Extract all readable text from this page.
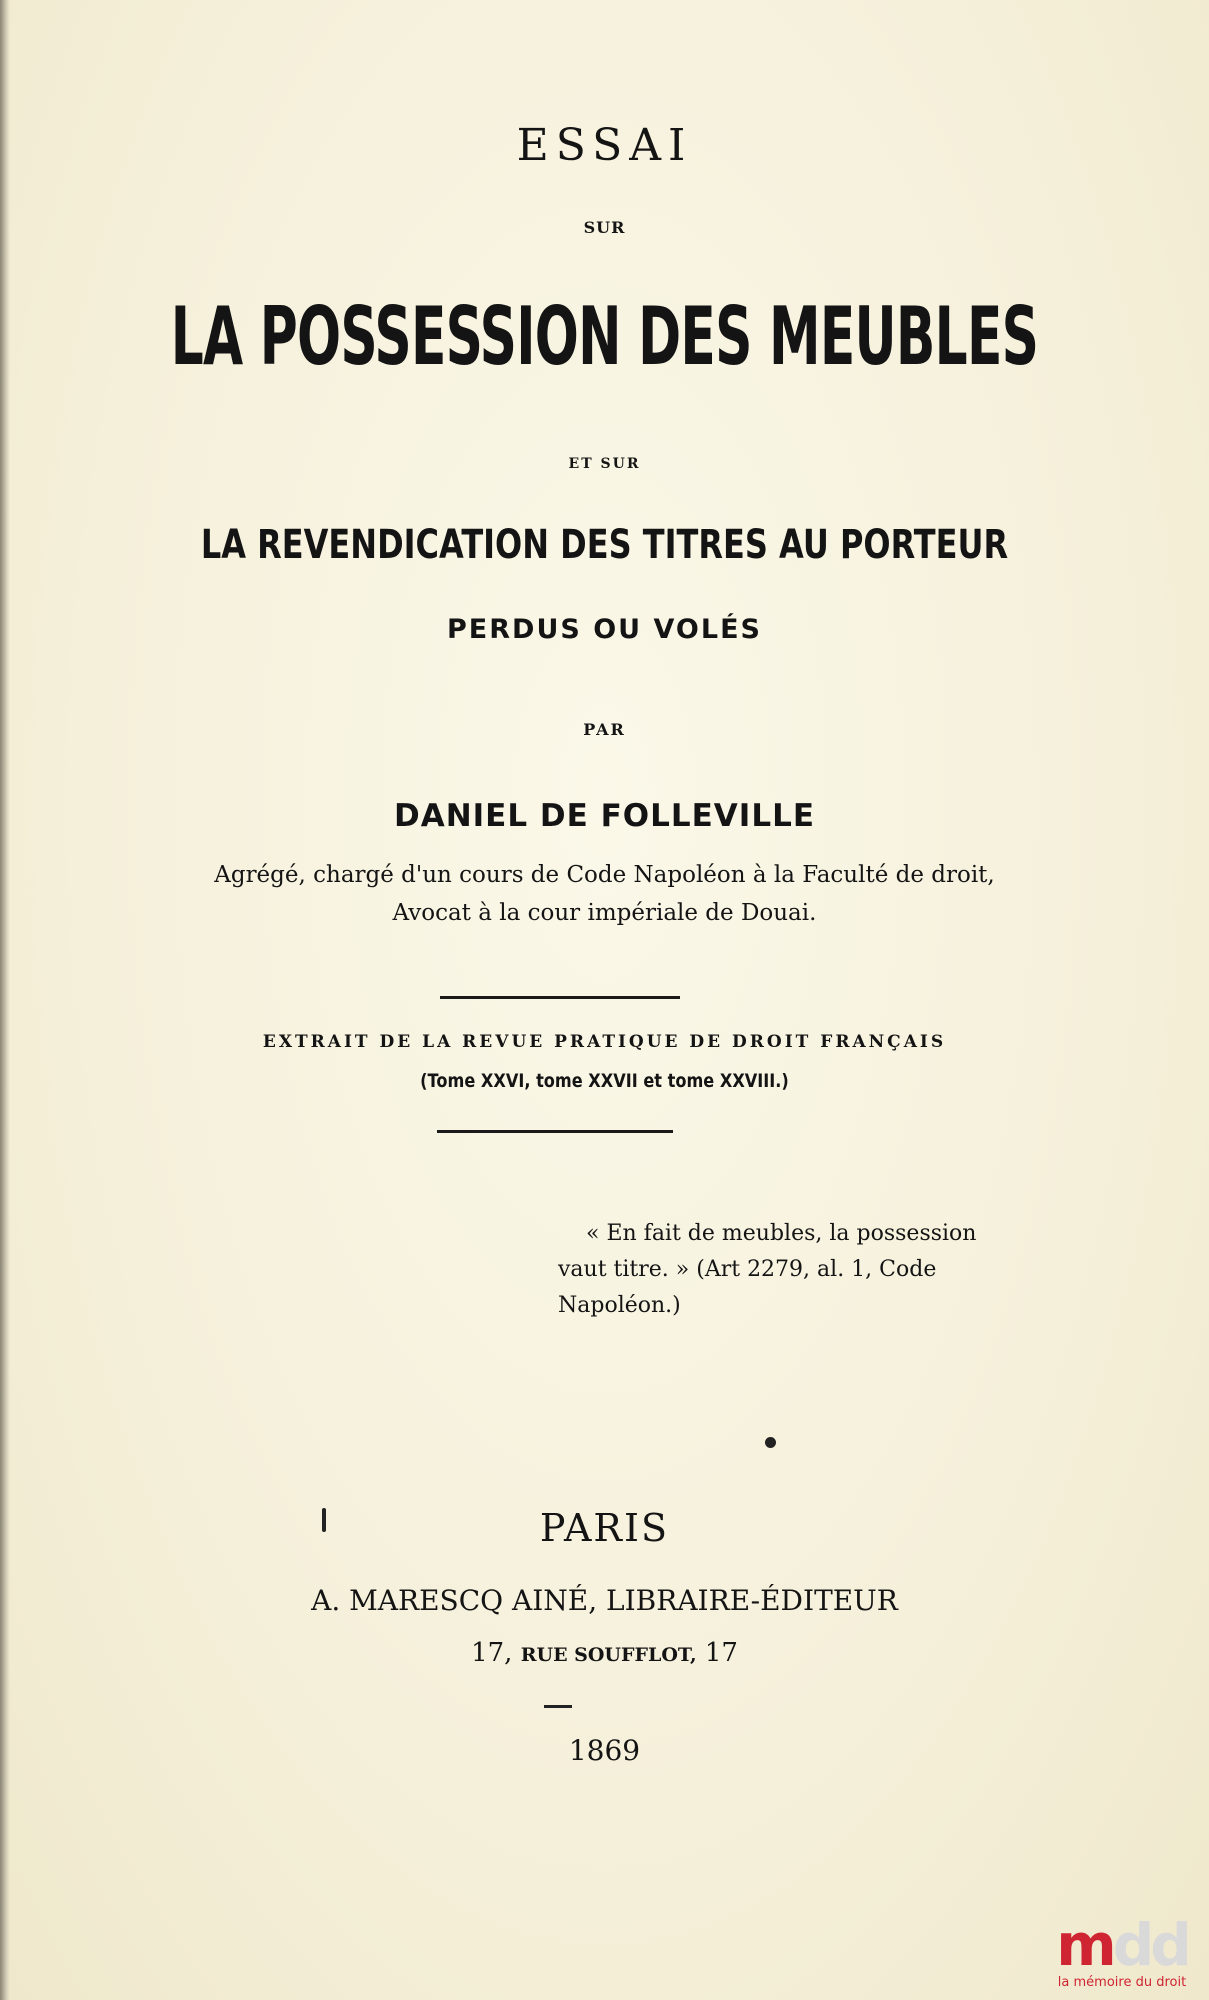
ESSAI
SUR
LA POSSESSION DES MEUBLES
ET SUR
LA REVENDICATION DES TITRES AU PORTEUR
PERDUS OU VOLÉS
PAR
DANIEL DE FOLLEVILLE
Agrégé, chargé d'un cours de Code Napoléon à la Faculté de droit,
Avocat à la cour impériale de Douai.
EXTRAIT DE LA REVUE PRATIQUE DE DROIT FRANÇAIS
(Tome XXVI, tome XXVII et tome XXVIII.)
« En fait de meubles, la possession
vaut titre. » (Art 2279, al. 1, Code
Napoléon.)
PARIS
A. MARESCQ AINÉ, LIBRAIRE-ÉDITEUR
17, RUE SOUFFLOT, 17
1869
mdd
la mémoire du droit
